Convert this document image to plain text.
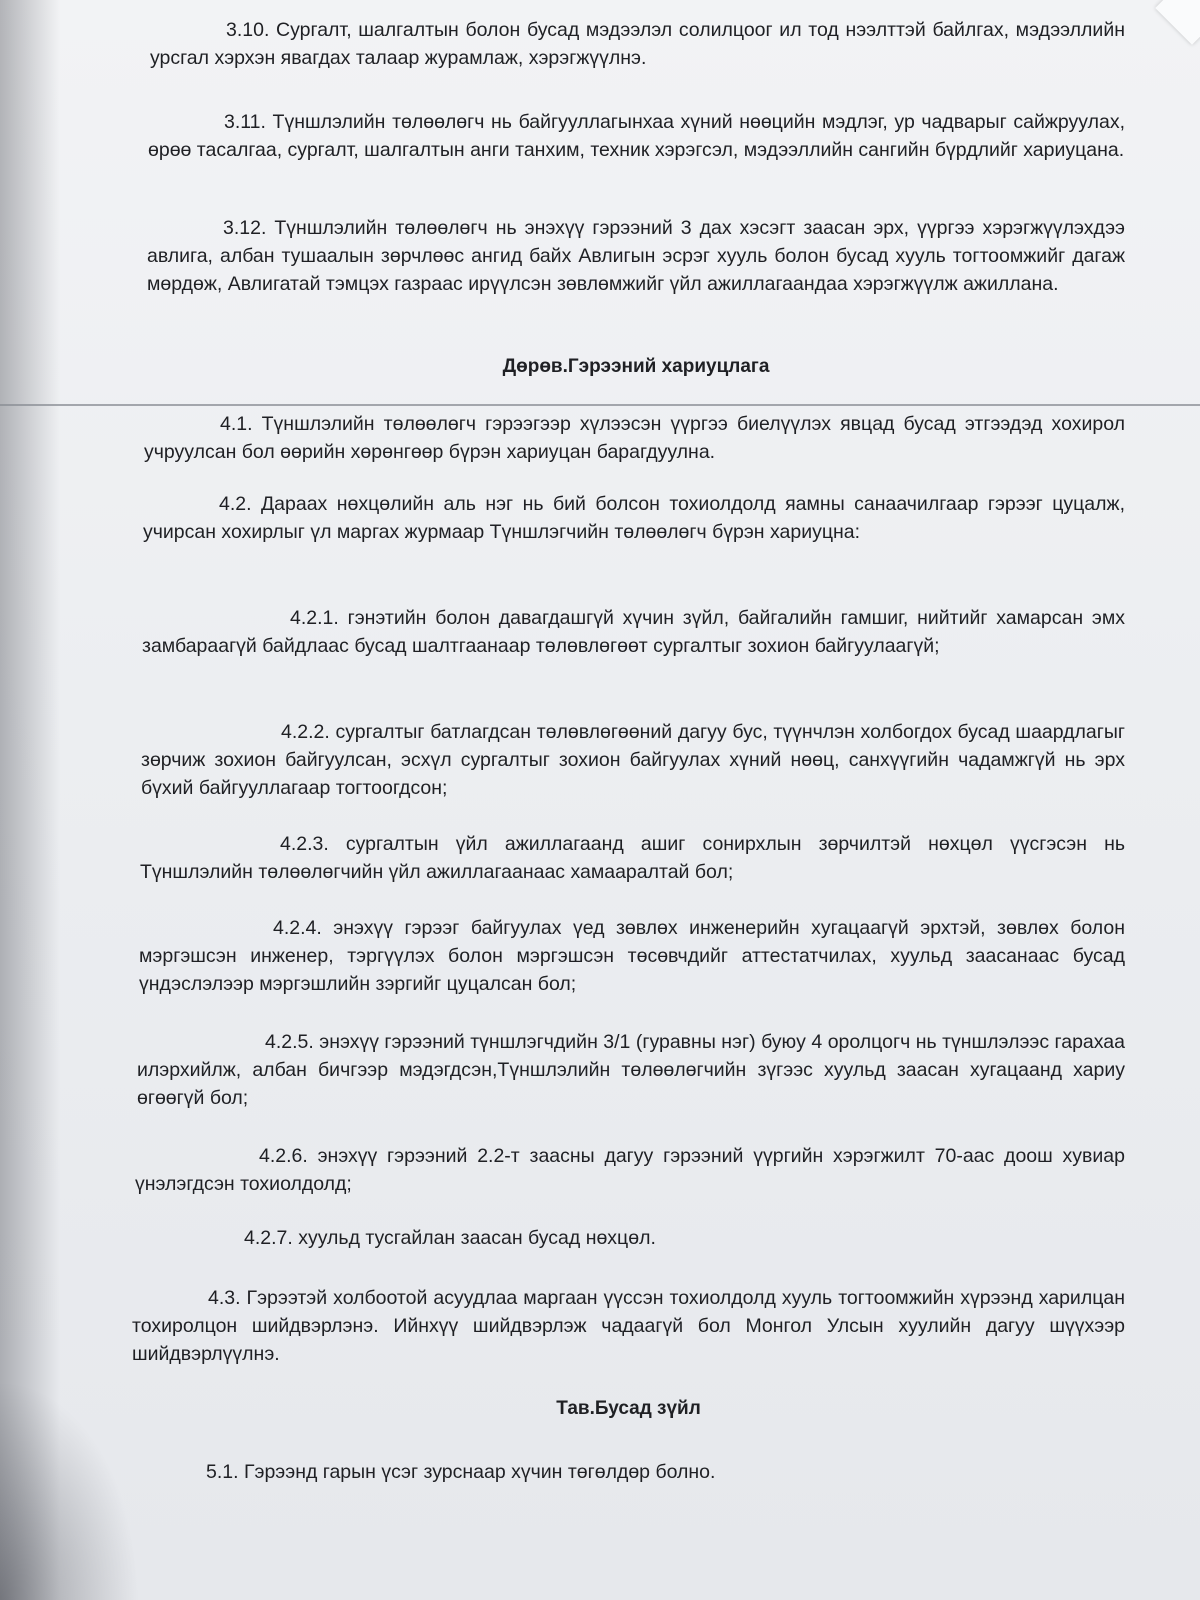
3.10. Сургалт, шалгалтын болон бусад мэдээлэл солилцоог ил тод нээлттэй байлгах, мэдээллийн урсгал хэрхэн явагдах талаар журамлаж, хэрэгжүүлнэ.

3.11. Түншлэлийн төлөөлөгч нь байгууллагынхаа хүний нөөцийн мэдлэг, ур чадварыг сайжруулах, өрөө тасалгаа, сургалт, шалгалтын анги танхим, техник хэрэгсэл, мэдээллийн сангийн бүрдлийг хариуцана.

3.12. Түншлэлийн төлөөлөгч нь энэхүү гэрээний 3 дах хэсэгт заасан эрх, үүргээ хэрэгжүүлэхдээ авлига, албан тушаалын зөрчлөөс ангид байх Авлигын эсрэг хууль болон бусад хууль тогтоомжийг дагаж мөрдөж, Авлигатай тэмцэх газраас ирүүлсэн зөвлөмжийг үйл ажиллагаандаа хэрэгжүүлж ажиллана.

Дөрөв.Гэрээний хариуцлага

4.1. Түншлэлийн төлөөлөгч гэрээгээр хүлээсэн үүргээ биелүүлэх явцад бусад этгээдэд хохирол учруулсан бол өөрийн хөрөнгөөр бүрэн хариуцан барагдуулна.

4.2. Дараах нөхцөлийн аль нэг нь бий болсон тохиолдолд яамны санаачилгаар гэрээг цуцалж, учирсан хохирлыг үл маргах журмаар Түншлэгчийн төлөөлөгч бүрэн хариуцна:

4.2.1. гэнэтийн болон давагдашгүй хүчин зүйл, байгалийн гамшиг, нийтийг хамарсан эмх замбараагүй байдлаас бусад шалтгаанаар төлөвлөгөөт сургалтыг зохион байгуулаагүй;

4.2.2. сургалтыг батлагдсан төлөвлөгөөний дагуу бус, түүнчлэн холбогдох бусад шаардлагыг зөрчиж зохион байгуулсан, эсхүл сургалтыг зохион байгуулах хүний нөөц, санхүүгийн чадамжгүй нь эрх бүхий байгууллагаар тогтоогдсон;

4.2.3. сургалтын үйл ажиллагаанд ашиг сонирхлын зөрчилтэй нөхцөл үүсгэсэн нь Түншлэлийн төлөөлөгчийн үйл ажиллагаанаас хамааралтай бол;

4.2.4. энэхүү гэрээг байгуулах үед зөвлөх инженерийн хугацаагүй эрхтэй, зөвлөх болон мэргэшсэн инженер, тэргүүлэх болон мэргэшсэн төсөвчдийг аттестатчилах, хуульд заасанаас бусад үндэслэлээр мэргэшлийн зэргийг цуцалсан бол;

4.2.5. энэхүү гэрээний түншлэгчдийн 3/1 (гуравны нэг) буюу 4 оролцогч нь түншлэлээс гарахаа илэрхийлж, албан бичгээр мэдэгдсэн,Түншлэлийн төлөөлөгчийн зүгээс хуульд заасан хугацаанд хариу өгөөгүй бол;

4.2.6. энэхүү гэрээний 2.2-т заасны дагуу гэрээний үүргийн хэрэгжилт 70-аас доош хувиар үнэлэгдсэн тохиолдолд;

4.2.7. хуульд тусгайлан заасан бусад нөхцөл.

4.3. Гэрээтэй холбоотой асуудлаа маргаан үүссэн тохиолдолд хууль тогтоомжийн хүрээнд харилцан тохиролцон шийдвэрлэнэ. Ийнхүү шийдвэрлэж чадаагүй бол Монгол Улсын хуулийн дагуу шүүхээр шийдвэрлүүлнэ.

Тав.Бусад зүйл

5.1. Гэрээнд гарын үсэг зурснаар хүчин төгөлдөр болно.
